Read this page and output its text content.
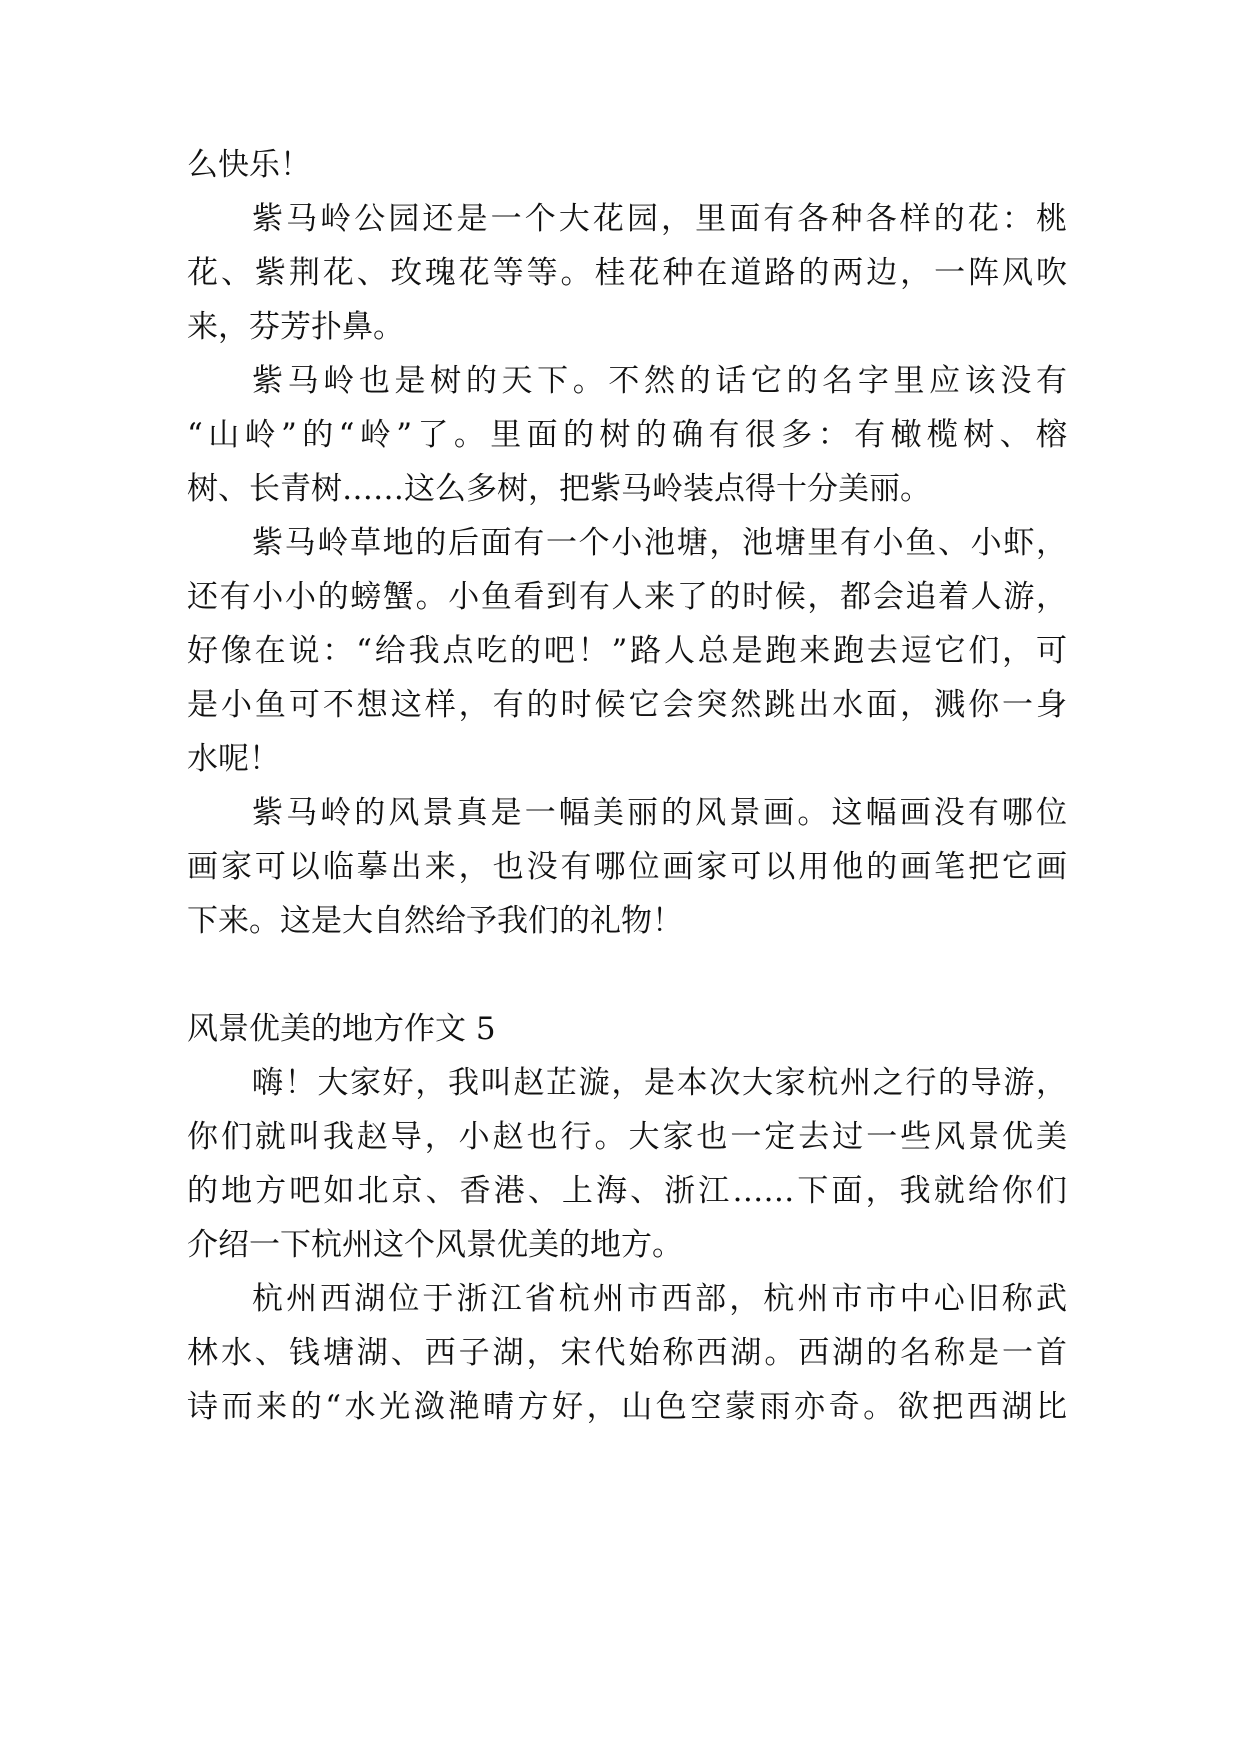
么快乐！
紫马岭公园还是一个大花园，里面有各种各样的花：桃
花、紫荆花、玫瑰花等等。桂花种在道路的两边，一阵风吹
来，芬芳扑鼻。
紫马岭也是树的天下。不然的话它的名字里应该没有
“山岭”的“岭”了。里面的树的确有很多：有橄榄树、榕
树、长青树……这么多树，把紫马岭装点得十分美丽。
紫马岭草地的后面有一个小池塘，池塘里有小鱼、小虾，
还有小小的螃蟹。小鱼看到有人来了的时候，都会追着人游，
好像在说：“给我点吃的吧！”路人总是跑来跑去逗它们，可
是小鱼可不想这样，有的时候它会突然跳出水面，溅你一身
水呢！
紫马岭的风景真是一幅美丽的风景画。这幅画没有哪位
画家可以临摹出来，也没有哪位画家可以用他的画笔把它画
下来。这是大自然给予我们的礼物！
风景优美的地方作文 5
嗨！大家好，我叫赵芷漩，是本次大家杭州之行的导游，
你们就叫我赵导，小赵也行。大家也一定去过一些风景优美
的地方吧如北京、香港、上海、浙江……下面，我就给你们
介绍一下杭州这个风景优美的地方。
杭州西湖位于浙江省杭州市西部，杭州市市中心旧称武
林水、钱塘湖、西子湖，宋代始称西湖。西湖的名称是一首
诗而来的“水光潋滟晴方好，山色空蒙雨亦奇。欲把西湖比
